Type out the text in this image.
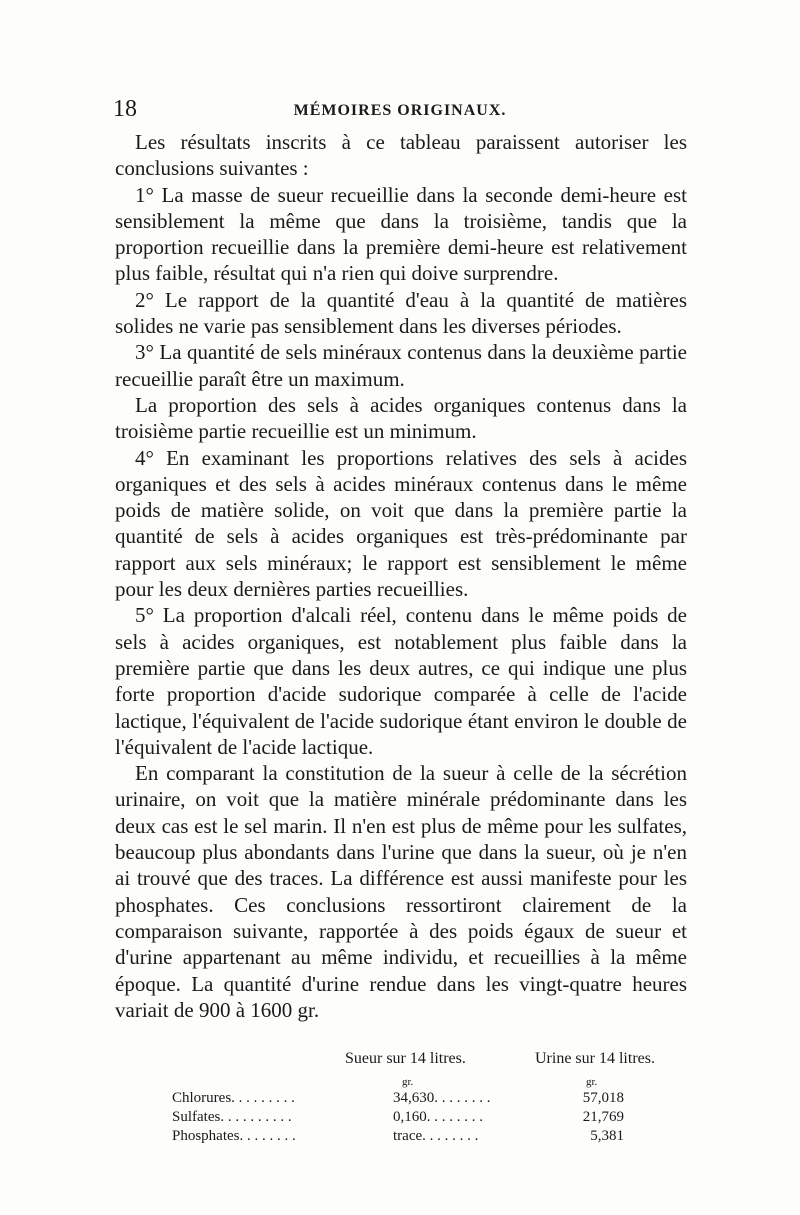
18	MÉMOIRES ORIGINAUX.

Les résultats inscrits à ce tableau paraissent autoriser les conclusions suivantes :

1° La masse de sueur recueillie dans la seconde demi-heure est sensiblement la même que dans la troisième, tandis que la proportion recueillie dans la première demi-heure est relativement plus faible, résultat qui n'a rien qui doive surprendre.

2° Le rapport de la quantité d'eau à la quantité de matières solides ne varie pas sensiblement dans les diverses périodes.

3° La quantité de sels minéraux contenus dans la deuxième partie recueillie paraît être un maximum.

La proportion des sels à acides organiques contenus dans la troisième partie recueillie est un minimum.

4° En examinant les proportions relatives des sels à acides organiques et des sels à acides minéraux contenus dans le même poids de matière solide, on voit que dans la première partie la quantité de sels à acides organiques est très-prédominante par rapport aux sels minéraux; le rapport est sensiblement le même pour les deux dernières parties recueillies.

5° La proportion d'alcali réel, contenu dans le même poids de sels à acides organiques, est notablement plus faible dans la première partie que dans les deux autres, ce qui indique une plus forte proportion d'acide sudorique comparée à celle de l'acide lactique, l'équivalent de l'acide sudorique étant environ le double de l'équivalent de l'acide lactique.

En comparant la constitution de la sueur à celle de la sécrétion urinaire, on voit que la matière minérale prédominante dans les deux cas est le sel marin. Il n'en est plus de même pour les sulfates, beaucoup plus abondants dans l'urine que dans la sueur, où je n'en ai trouvé que des traces. La différence est aussi manifeste pour les phosphates. Ces conclusions ressortiront clairement de la comparaison suivante, rapportée à des poids égaux de sueur et d'urine appartenant au même individu, et recueillies à la même époque. La quantité d'urine rendue dans les vingt-quatre heures variait de 900 à 1600 gr.

Sueur sur 14 litres.	Urine sur 14 litres.
gr.	gr.
Chlorures. . . . . . . . .	34,630. . . . . . . .	57,018
Sulfates. . . . . . . . . .	0,160. . . . . . . .	21,769
Phosphates. . . . . . . .	trace. . . . . . . .	5,381
